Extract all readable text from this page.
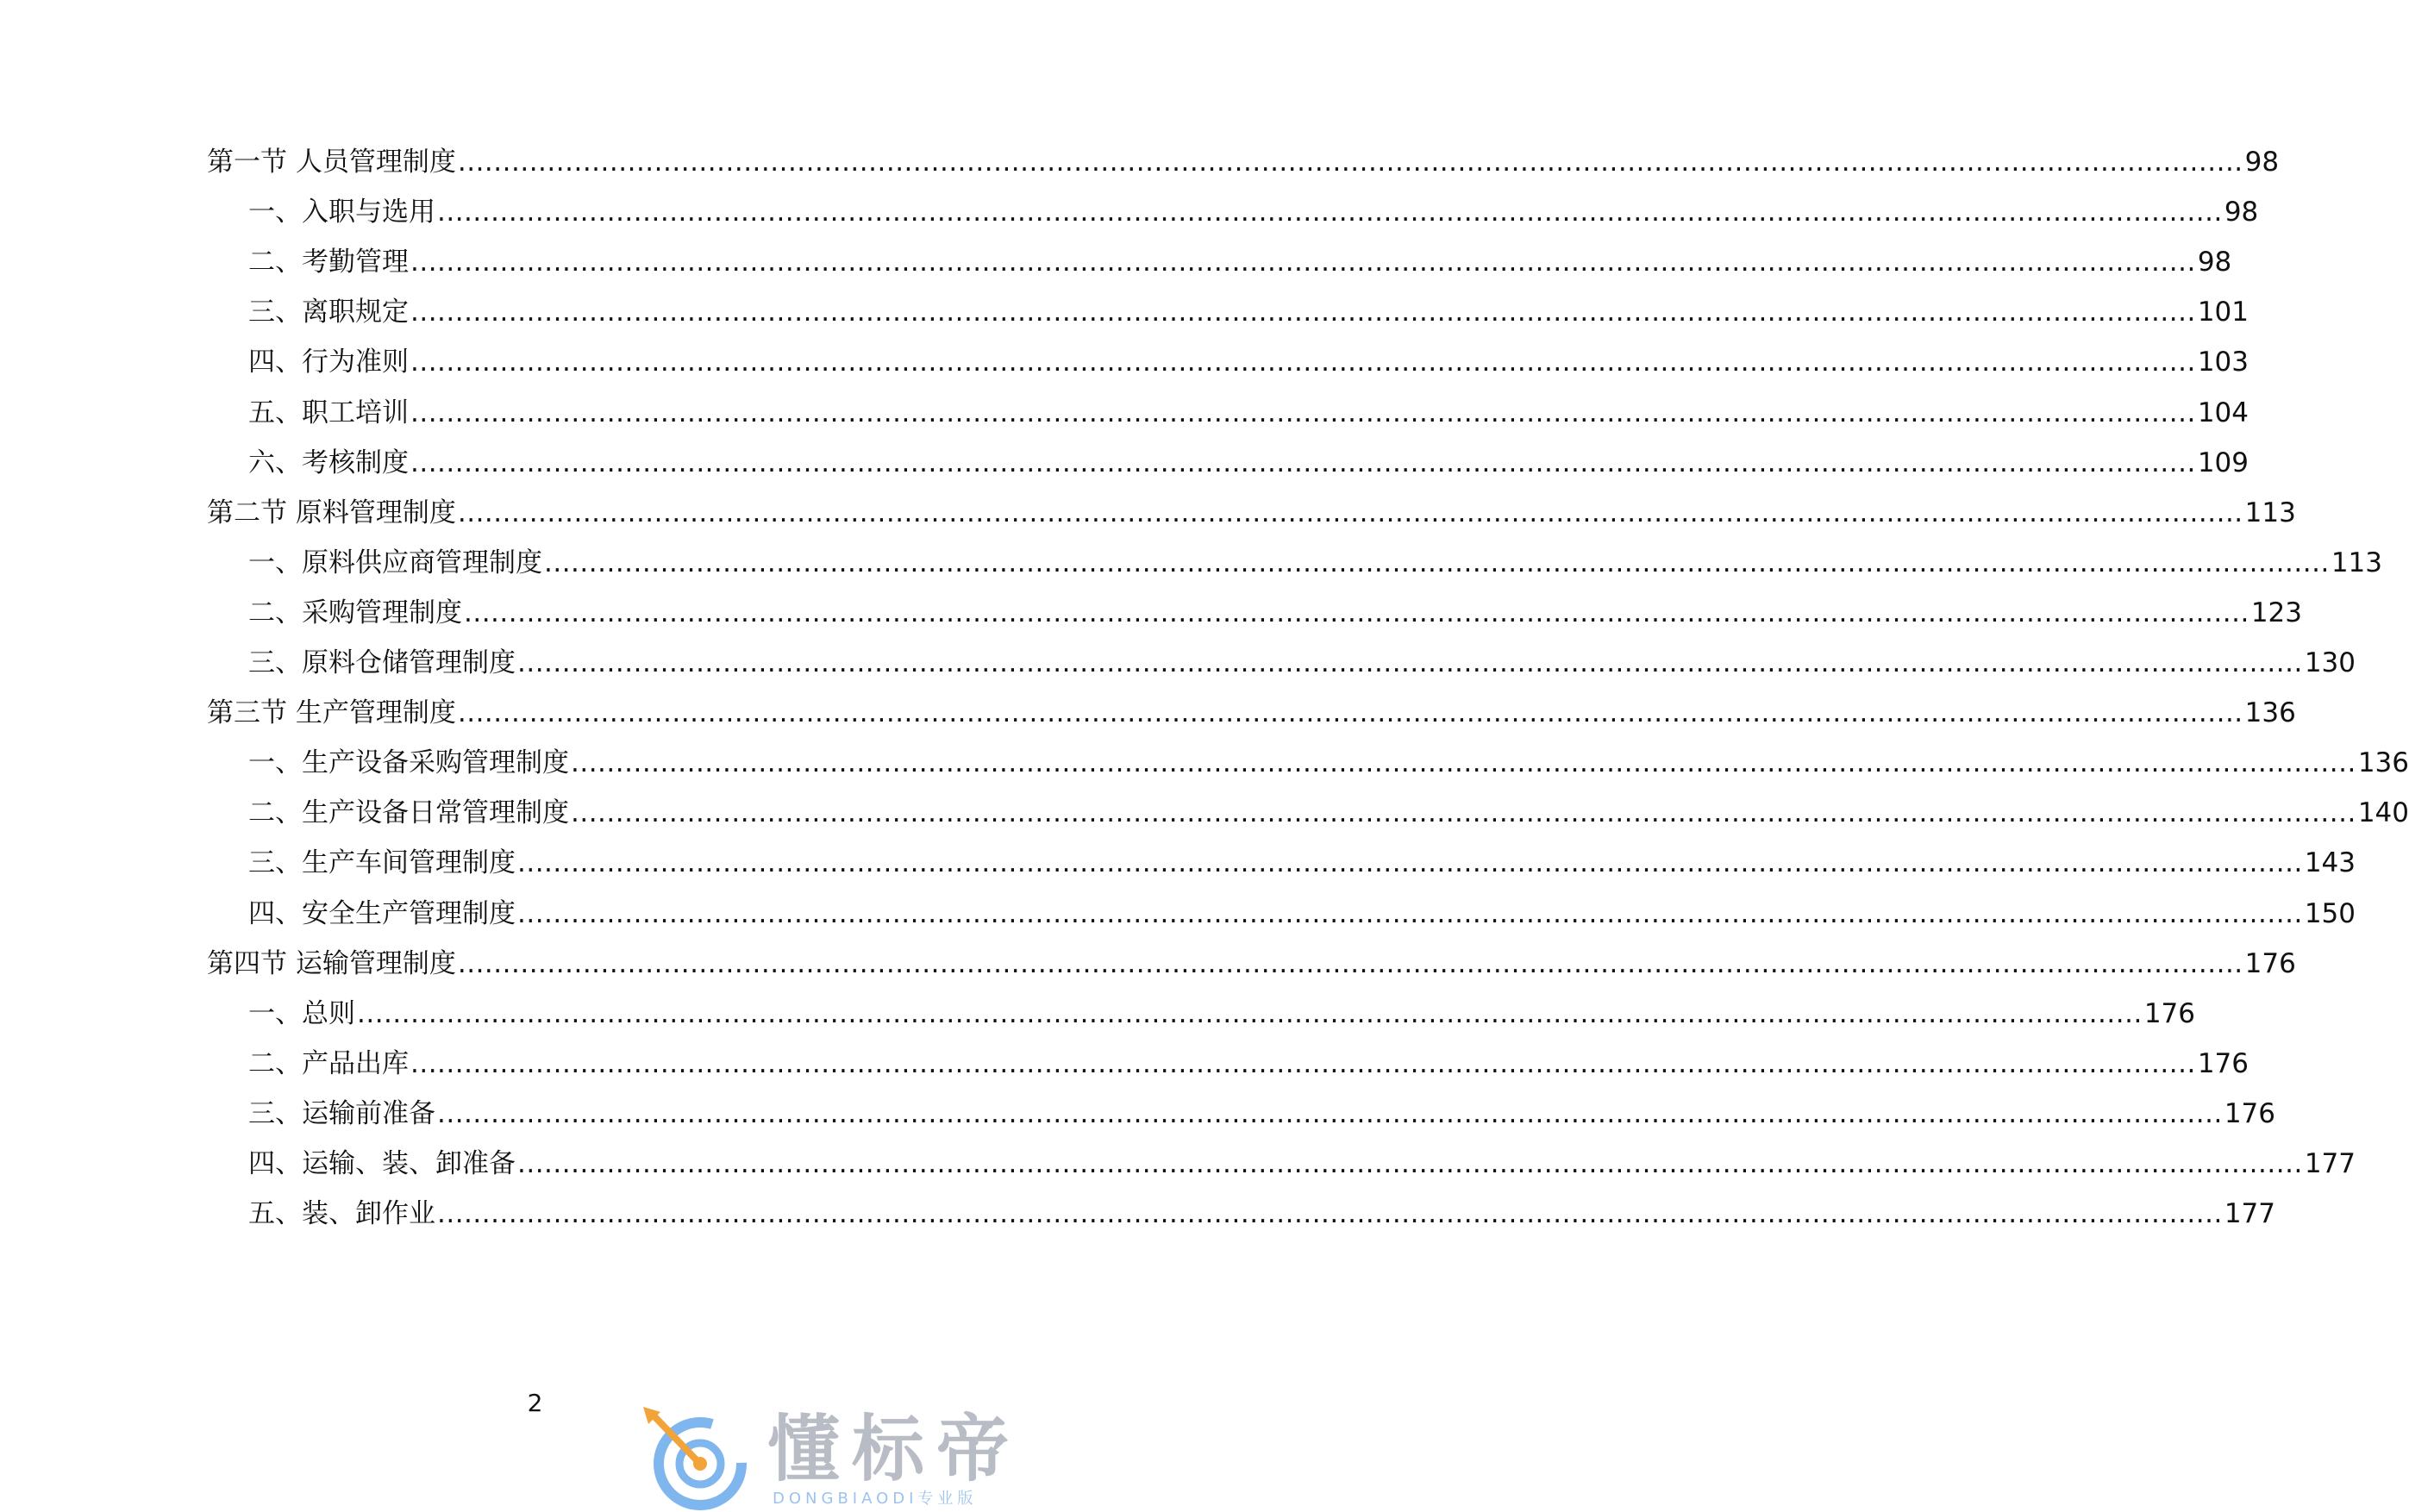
第一节 人员管理制度 ........................................................................................................................................................................................................ 98
一、入职与选用 ........................................................................................................................................................................................................ 98
二、考勤管理 ........................................................................................................................................................................................................ 98
三、离职规定 ........................................................................................................................................................................................................ 101
四、行为准则 ........................................................................................................................................................................................................ 103
五、职工培训 ........................................................................................................................................................................................................ 104
六、考核制度 ........................................................................................................................................................................................................ 109
第二节 原料管理制度 ........................................................................................................................................................................................................ 113
一、原料供应商管理制度 ........................................................................................................................................................................................................ 113
二、采购管理制度 ........................................................................................................................................................................................................ 123
三、原料仓储管理制度 ........................................................................................................................................................................................................ 130
第三节 生产管理制度 ........................................................................................................................................................................................................ 136
一、生产设备采购管理制度 ........................................................................................................................................................................................................ 136
二、生产设备日常管理制度 ........................................................................................................................................................................................................ 140
三、生产车间管理制度 ........................................................................................................................................................................................................ 143
四、安全生产管理制度 ........................................................................................................................................................................................................ 150
第四节 运输管理制度 ........................................................................................................................................................................................................ 176
一、总则 ........................................................................................................................................................................................................ 176
二、产品出库 ........................................................................................................................................................................................................ 176
三、运输前准备 ........................................................................................................................................................................................................ 176
四、运输、装、卸准备 ........................................................................................................................................................................................................ 177
五、装、卸作业 ........................................................................................................................................................................................................ 177
2
懂标帝
DONGBIAODI专业版
